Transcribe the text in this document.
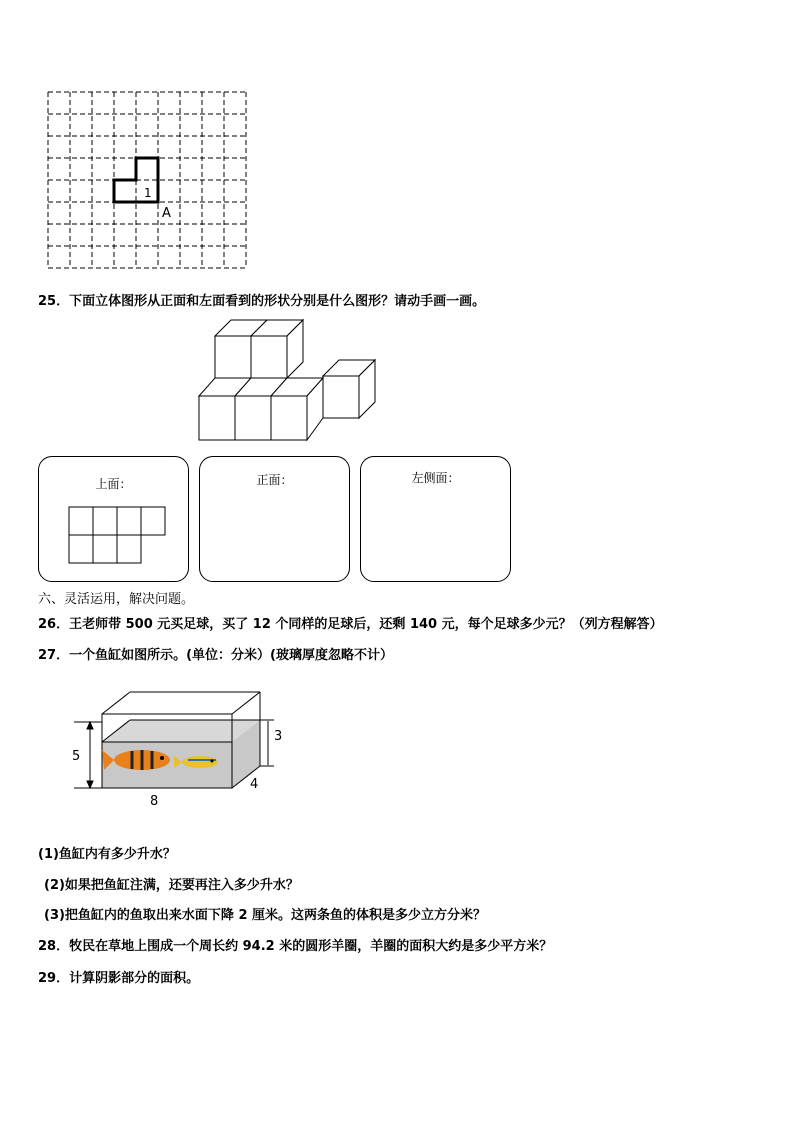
1
A
25．下面立体图形从正面和左面看到的形状分别是什么图形？请动手画一画。
上面：	正面：	左侧面：
六、灵活运用，解决问题。
26．王老师带 500 元买足球，买了 12 个同样的足球后，还剩 140 元，每个足球多少元？（列方程解答）
27．一个鱼缸如图所示。(单位：分米）(玻璃厚度忽略不计）
5
3
4
8
(1)鱼缸内有多少升水？
(2)如果把鱼缸注满，还要再注入多少升水？
(3)把鱼缸内的鱼取出来水面下降 2 厘米。这两条鱼的体积是多少立方分米？
28．牧民在草地上围成一个周长约 94.2 米的圆形羊圈，羊圈的面积大约是多少平方米？
29．计算阴影部分的面积。
